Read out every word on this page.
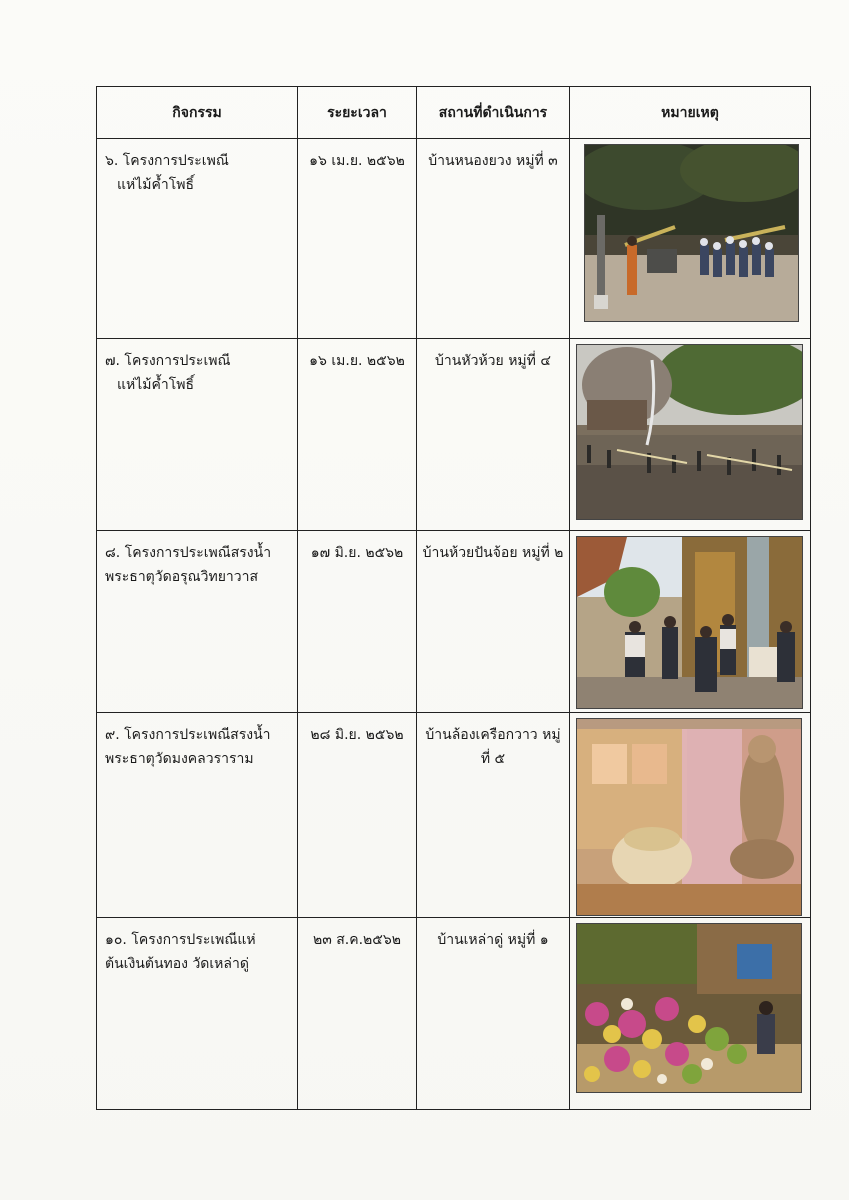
กิจกรรม	ระยะเวลา	สถานที่ดำเนินการ	หมายเหตุ

๖. โครงการประเพณี
แห่ไม้ค้ำโพธิ์	๑๖ เม.ย. ๒๕๖๒	บ้านหนองยวง หมู่ที่ ๓

๗. โครงการประเพณี
แห่ไม้ค้ำโพธิ์	๑๖ เม.ย. ๒๕๖๒	บ้านหัวห้วย หมู่ที่ ๔

๘. โครงการประเพณีสรงน้ำ
พระธาตุวัดอรุณวิทยาวาส	๑๗ มิ.ย. ๒๕๖๒	บ้านห้วยปันจ้อย หมู่ที่ ๒

๙. โครงการประเพณีสรงน้ำ
พระธาตุวัดมงคลวราราม	๒๘ มิ.ย. ๒๕๖๒	บ้านล้องเครือกวาว หมู่ที่ ๕

๑๐. โครงการประเพณีแห่
ต้นเงินต้นทอง วัดเหล่าดู่	๒๓ ส.ค.๒๕๖๒	บ้านเหล่าดู่ หมู่ที่ ๑
